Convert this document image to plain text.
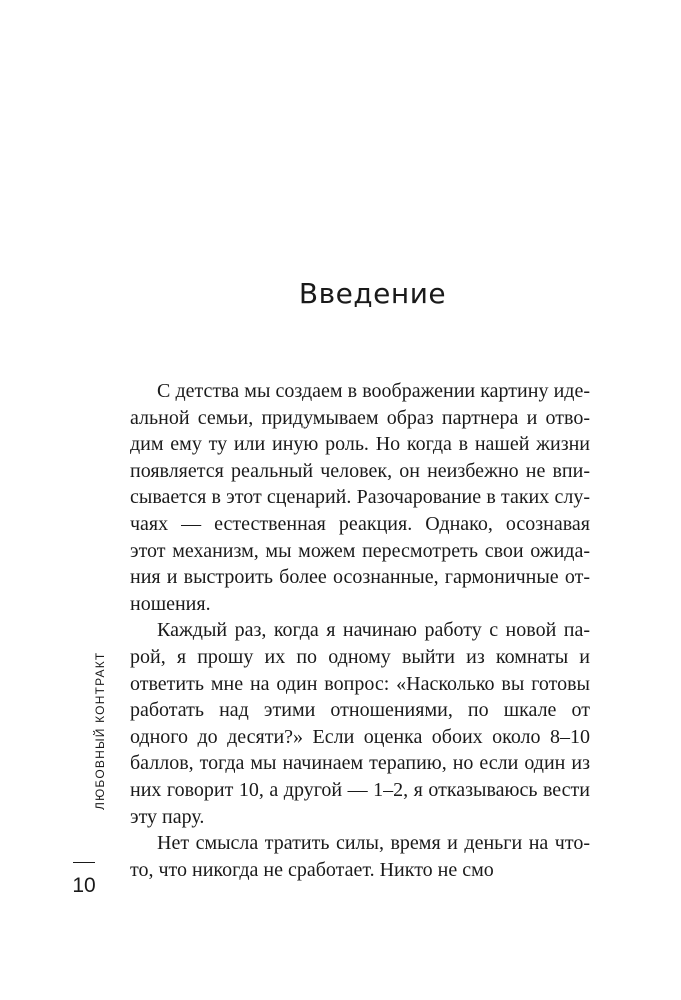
Введение

С детства мы создаем в воображении картину идеальной семьи, придумываем образ партнера и отводим ему ту или иную роль. Но когда в нашей жизни появляется реальный человек, он неизбежно не вписывается в этот сценарий. Разочарование в таких случаях — естественная реакция. Однако, осознавая этот механизм, мы можем пересмотреть свои ожидания и выстроить более осознанные, гармоничные отношения.

Каждый раз, когда я начинаю работу с новой парой, я прошу их по одному выйти из комнаты и ответить мне на один вопрос: «Насколько вы готовы работать над этими отношениями, по шкале от одного до десяти?» Если оценка обоих около 8–10 баллов, тогда мы начинаем терапию, но если один из них говорит 10, а другой — 1–2, я отказываюсь вести эту пару.

Нет смысла тратить силы, время и деньги на что-то, что никогда не сработает. Никто не смо

ЛЮБОВНЫЙ КОНТРАКТ
10
